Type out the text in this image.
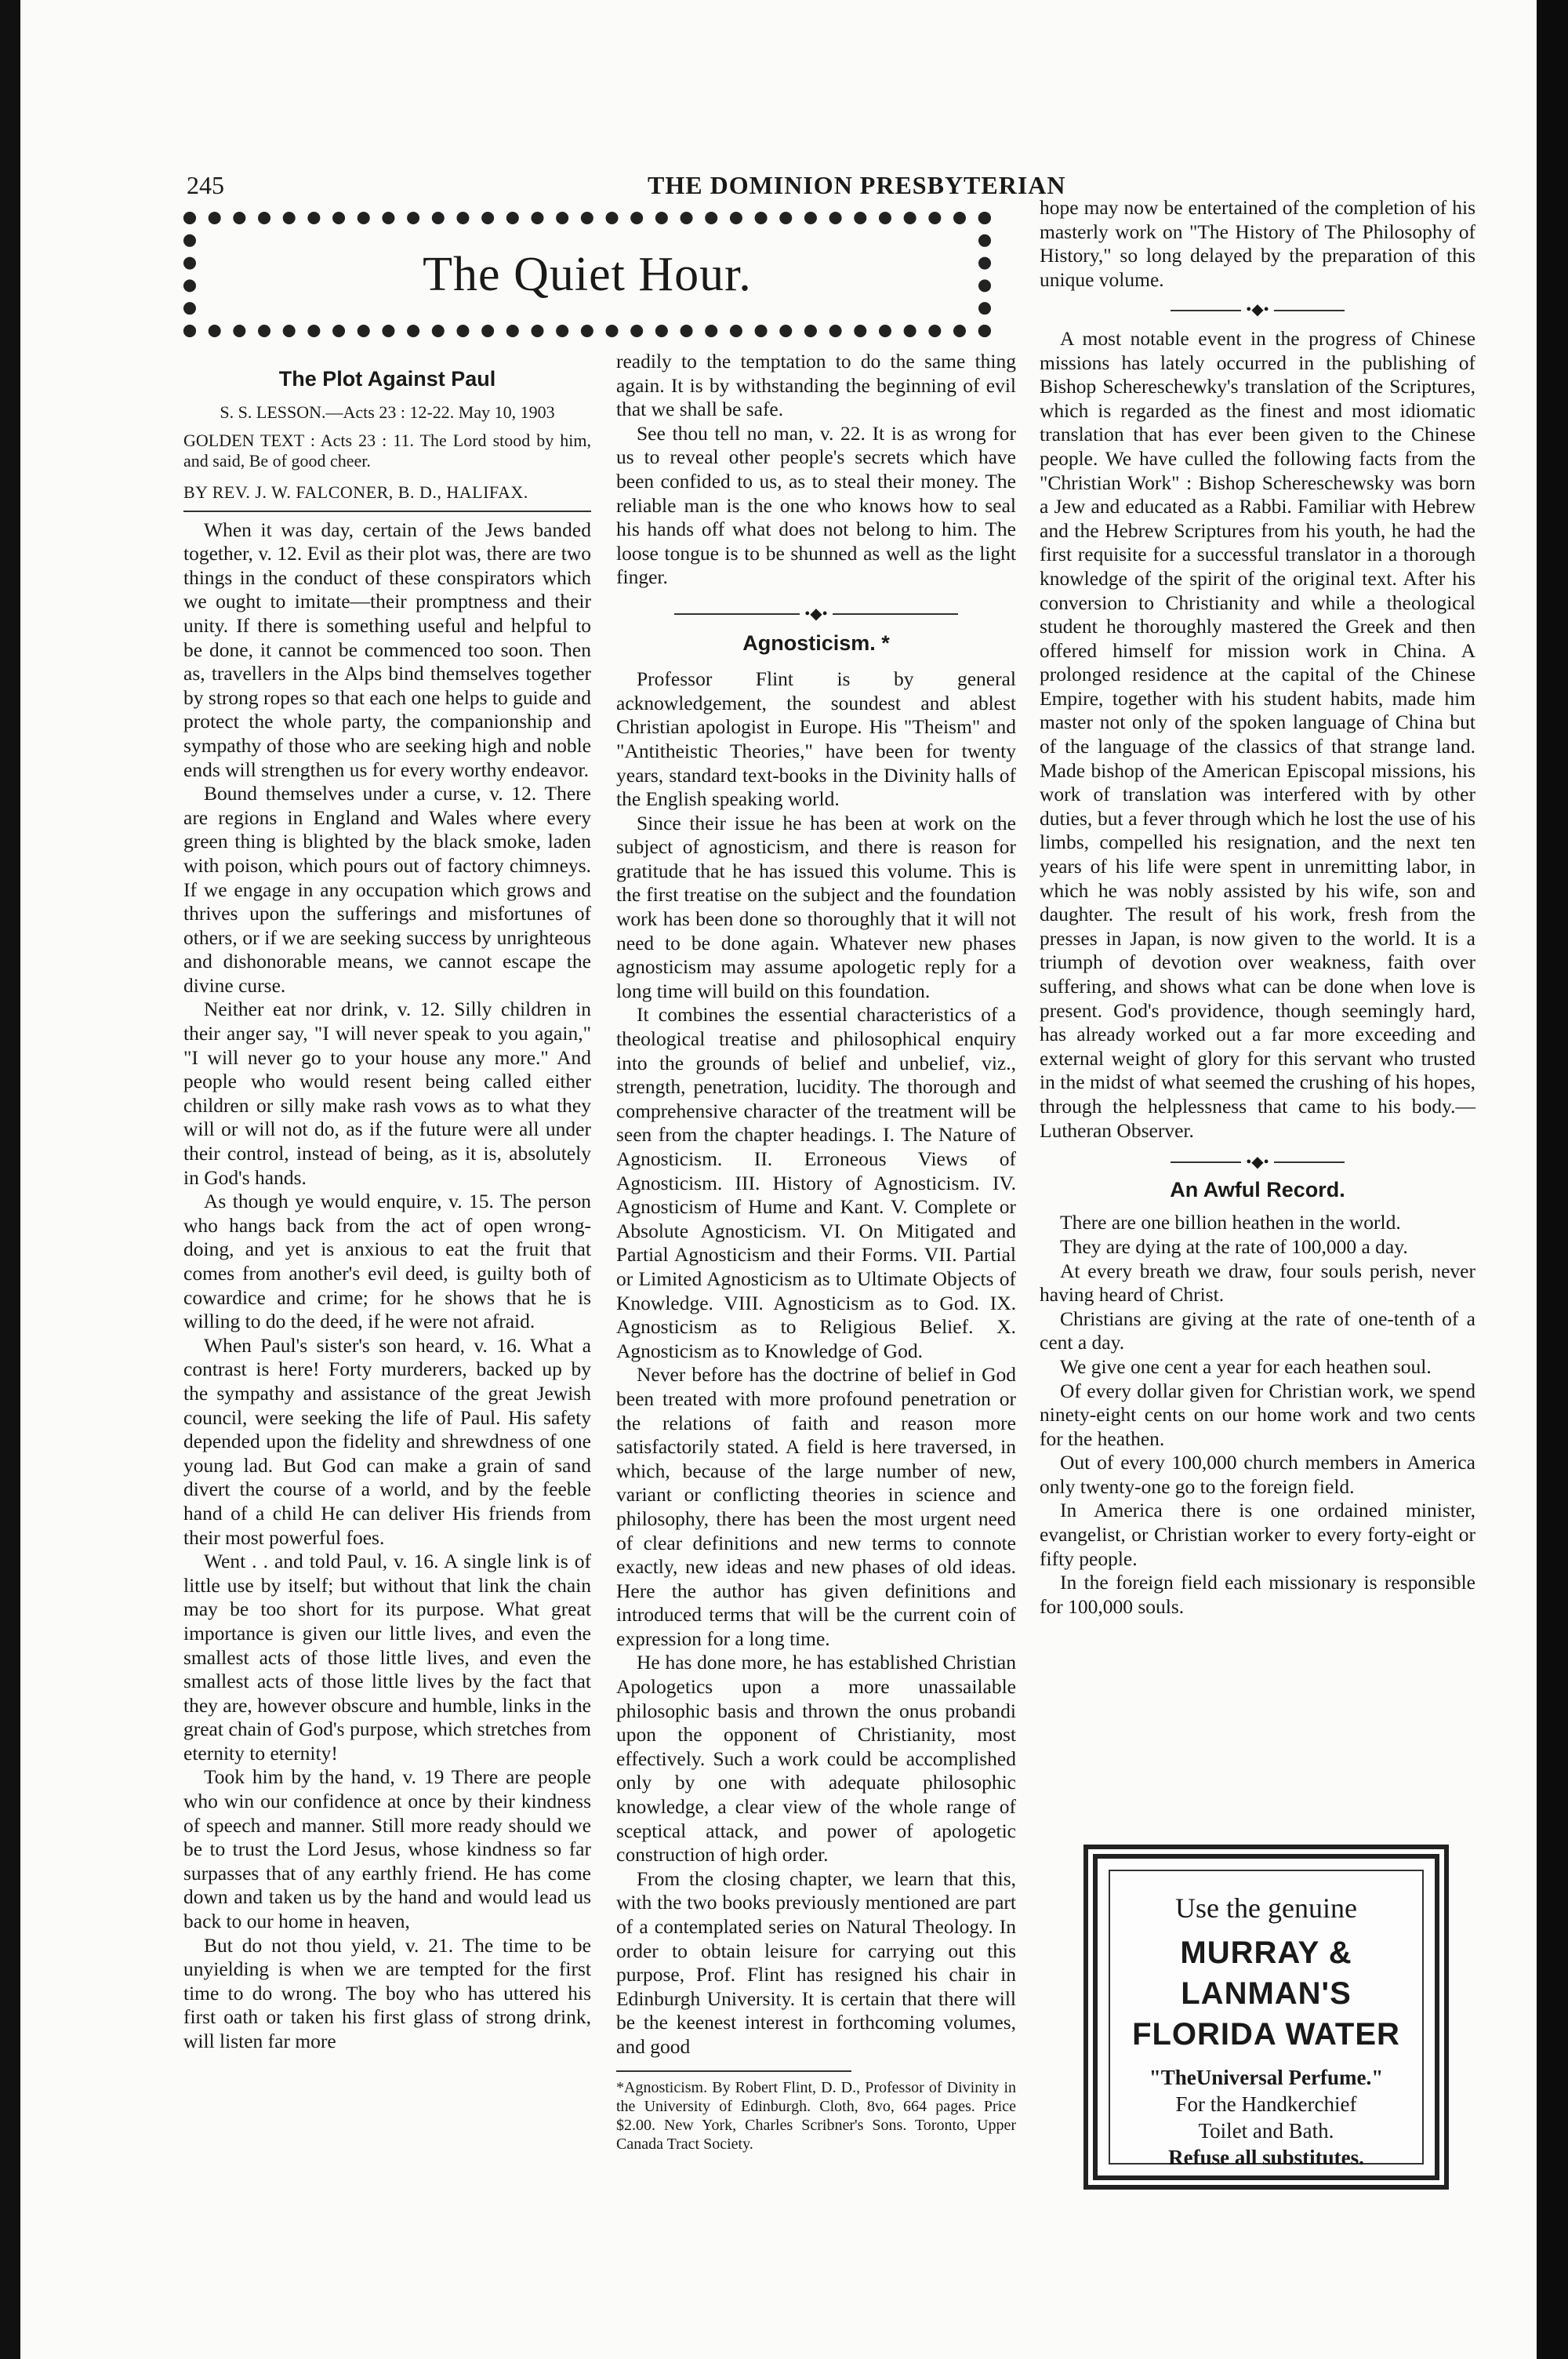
245	THE DOMINION PRESBYTERIAN
The Quiet Hour.
The Plot Against Paul
S. S. LESSON.—Acts 23 : 12-22. May 10, 1903
GOLDEN TEXT : Acts 23 : 11. The Lord stood by him, and said, Be of good cheer.
BY REV. J. W. FALCONER, B. D., HALIFAX.

When it was day, certain of the Jews banded together, v. 12. Evil as their plot was, there are two things in the conduct of these conspirators which we ought to imitate—their promptness and their unity. If there is something useful and helpful to be done, it cannot be commenced too soon. Then as, travellers in the Alps bind themselves together by strong ropes so that each one helps to guide and protect the whole party, the companionship and sympathy of those who are seeking high and noble ends will strengthen us for every worthy endeavor.

Bound themselves under a curse, v. 12. There are regions in England and Wales where every green thing is blighted by the black smoke, laden with poison, which pours out of factory chimneys. If we engage in any occupation which grows and thrives upon the sufferings and misfortunes of others, or if we are seeking success by unrighteous and dishonorable means, we cannot escape the divine curse.

Neither eat nor drink, v. 12. Silly children in their anger say, "I will never speak to you again," "I will never go to your house any more." And people who would resent being called either children or silly make rash vows as to what they will or will not do, as if the future were all under their control, instead of being, as it is, absolutely in God's hands.

As though ye would enquire, v. 15. The person who hangs back from the act of open wrong-doing, and yet is anxious to eat the fruit that comes from another's evil deed, is guilty both of cowardice and crime; for he shows that he is willing to do the deed, if he were not afraid.

When Paul's sister's son heard, v. 16. What a contrast is here! Forty murderers, backed up by the sympathy and assistance of the great Jewish council, were seeking the life of Paul. His safety depended upon the fidelity and shrewdness of one young lad. But God can make a grain of sand divert the course of a world, and by the feeble hand of a child He can deliver His friends from their most powerful foes.

Went . . and told Paul, v. 16. A single link is of little use by itself; but without that link the chain may be too short for its purpose. What great importance is given our little lives, and even the smallest acts of those little lives, and even the smallest acts of those little lives by the fact that they are, however obscure and humble, links in the great chain of God's purpose, which stretches from eternity to eternity!

Took him by the hand, v. 19 There are people who win our confidence at once by their kindness of speech and manner. Still more ready should we be to trust the Lord Jesus, whose kindness so far surpasses that of any earthly friend. He has come down and taken us by the hand and would lead us back to our home in heaven,

But do not thou yield, v. 21. The time to be unyielding is when we are tempted for the first time to do wrong. The boy who has uttered his first oath or taken his first glass of strong drink, will listen far more

readily to the temptation to do the same thing again. It is by withstanding the beginning of evil that we shall be safe.

See thou tell no man, v. 22. It is as wrong for us to reveal other people's secrets which have been confided to us, as to steal their money. The reliable man is the one who knows how to seal his hands off what does not belong to him. The loose tongue is to be shunned as well as the light finger.

•◆•
Agnosticism. *

Professor Flint is by general acknowledgement, the soundest and ablest Christian apologist in Europe. His "Theism" and "Antitheistic Theories," have been for twenty years, standard text-books in the Divinity halls of the English speaking world.

Since their issue he has been at work on the subject of agnosticism, and there is reason for gratitude that he has issued this volume. This is the first treatise on the subject and the foundation work has been done so thoroughly that it will not need to be done again. Whatever new phases agnosticism may assume apologetic reply for a long time will build on this foundation.

It combines the essential characteristics of a theological treatise and philosophical enquiry into the grounds of belief and unbelief, viz., strength, penetration, lucidity. The thorough and comprehensive character of the treatment will be seen from the chapter headings. I. The Nature of Agnosticism. II. Erroneous Views of Agnosticism. III. History of Agnosticism. IV. Agnosticism of Hume and Kant. V. Complete or Absolute Agnosticism. VI. On Mitigated and Partial Agnosticism and their Forms. VII. Partial or Limited Agnosticism as to Ultimate Objects of Knowledge. VIII. Agnosticism as to God. IX. Agnosticism as to Religious Belief. X. Agnosticism as to Knowledge of God.

Never before has the doctrine of belief in God been treated with more profound penetration or the relations of faith and reason more satisfactorily stated. A field is here traversed, in which, because of the large number of new, variant or conflicting theories in science and philosophy, there has been the most urgent need of clear definitions and new terms to connote exactly, new ideas and new phases of old ideas. Here the author has given definitions and introduced terms that will be the current coin of expression for a long time.

He has done more, he has established Christian Apologetics upon a more unassailable philosophic basis and thrown the onus probandi upon the opponent of Christianity, most effectively. Such a work could be accomplished only by one with adequate philosophic knowledge, a clear view of the whole range of sceptical attack, and power of apologetic construction of high order.

From the closing chapter, we learn that this, with the two books previously mentioned are part of a contemplated series on Natural Theology. In order to obtain leisure for carrying out this purpose, Prof. Flint has resigned his chair in Edinburgh University. It is certain that there will be the keenest interest in forthcoming volumes, and good

*Agnosticism. By Robert Flint, D. D., Professor of Divinity in the University of Edinburgh. Cloth, 8vo, 664 pages. Price $2.00. New York, Charles Scribner's Sons. Toronto, Upper Canada Tract Society.

hope may now be entertained of the completion of his masterly work on "The History of The Philosophy of History," so long delayed by the preparation of this unique volume.

•◆•

A most notable event in the progress of Chinese missions has lately occurred in the publishing of Bishop Schereschewky's translation of the Scriptures, which is regarded as the finest and most idiomatic translation that has ever been given to the Chinese people. We have culled the following facts from the "Christian Work" : Bishop Schereschewsky was born a Jew and educated as a Rabbi. Familiar with Hebrew and the Hebrew Scriptures from his youth, he had the first requisite for a successful translator in a thorough knowledge of the spirit of the original text. After his conversion to Christianity and while a theological student he thoroughly mastered the Greek and then offered himself for mission work in China. A prolonged residence at the capital of the Chinese Empire, together with his student habits, made him master not only of the spoken language of China but of the language of the classics of that strange land. Made bishop of the American Episcopal missions, his work of translation was interfered with by other duties, but a fever through which he lost the use of his limbs, compelled his resignation, and the next ten years of his life were spent in unremitting labor, in which he was nobly assisted by his wife, son and daughter. The result of his work, fresh from the presses in Japan, is now given to the world. It is a triumph of devotion over weakness, faith over suffering, and shows what can be done when love is present. God's providence, though seemingly hard, has already worked out a far more exceeding and external weight of glory for this servant who trusted in the midst of what seemed the crushing of his hopes, through the helplessness that came to his body.—Lutheran Observer.

•◆•
An Awful Record.

There are one billion heathen in the world.

They are dying at the rate of 100,000 a day.

At every breath we draw, four souls perish, never having heard of Christ.

Christians are giving at the rate of one-tenth of a cent a day.

We give one cent a year for each heathen soul.

Of every dollar given for Christian work, we spend ninety-eight cents on our home work and two cents for the heathen.

Out of every 100,000 church members in America only twenty-one go to the foreign field.

In America there is one ordained minister, evangelist, or Christian worker to every forty-eight or fifty people.

In the foreign field each missionary is responsible for 100,000 souls.

Use the genuine
MURRAY & LANMAN'S
FLORIDA WATER
"TheUniversal Perfume."
For the Handkerchief
Toilet and Bath.
Refuse all substitutes.
